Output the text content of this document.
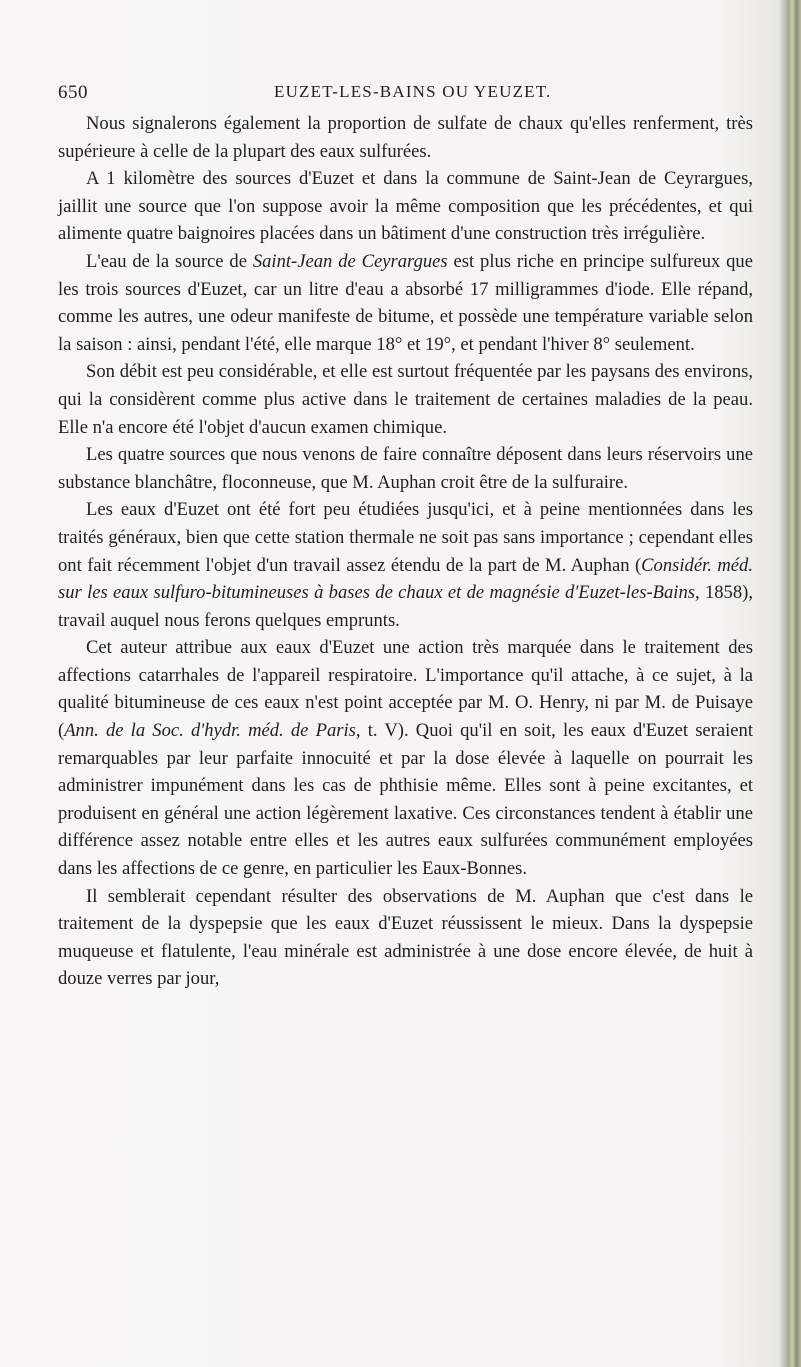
650	EUZET-LES-BAINS OU YEUZET.

Nous signalerons également la proportion de sulfate de chaux qu'elles renferment, très supérieure à celle de la plupart des eaux sulfurées.

A 1 kilomètre des sources d'Euzet et dans la commune de Saint-Jean de Ceyrargues, jaillit une source que l'on suppose avoir la même composition que les précédentes, et qui alimente quatre baignoires placées dans un bâtiment d'une construction très irrégulière.

L'eau de la source de Saint-Jean de Ceyrargues est plus riche en principe sulfureux que les trois sources d'Euzet, car un litre d'eau a absorbé 17 milligrammes d'iode. Elle répand, comme les autres, une odeur manifeste de bitume, et possède une température variable selon la saison : ainsi, pendant l'été, elle marque 18° et 19°, et pendant l'hiver 8° seulement.

Son débit est peu considérable, et elle est surtout fréquentée par les paysans des environs, qui la considèrent comme plus active dans le traitement de certaines maladies de la peau. Elle n'a encore été l'objet d'aucun examen chimique.

Les quatre sources que nous venons de faire connaître déposent dans leurs réservoirs une substance blanchâtre, floconneuse, que M. Auphan croit être de la sulfuraire.

Les eaux d'Euzet ont été fort peu étudiées jusqu'ici, et à peine mentionnées dans les traités généraux, bien que cette station thermale ne soit pas sans importance ; cependant elles ont fait récemment l'objet d'un travail assez étendu de la part de M. Auphan (Considér. méd. sur les eaux sulfuro-bitumineuses à bases de chaux et de magnésie d'Euzet-les-Bains, 1858), travail auquel nous ferons quelques emprunts.

Cet auteur attribue aux eaux d'Euzet une action très marquée dans le traitement des affections catarrhales de l'appareil respiratoire. L'importance qu'il attache, à ce sujet, à la qualité bitumineuse de ces eaux n'est point acceptée par M. O. Henry, ni par M. de Puisaye (Ann. de la Soc. d'hydr. méd. de Paris, t. V). Quoi qu'il en soit, les eaux d'Euzet seraient remarquables par leur parfaite innocuité et par la dose élevée à laquelle on pourrait les administrer impunément dans les cas de phthisie même. Elles sont à peine excitantes, et produisent en général une action légèrement laxative. Ces circonstances tendent à établir une différence assez notable entre elles et les autres eaux sulfurées communément employées dans les affections de ce genre, en particulier les Eaux-Bonnes.

Il semblerait cependant résulter des observations de M. Auphan que c'est dans le traitement de la dyspepsie que les eaux d'Euzet réussissent le mieux. Dans la dyspepsie muqueuse et flatulente, l'eau minérale est administrée à une dose encore élevée, de huit à douze verres par jour,
